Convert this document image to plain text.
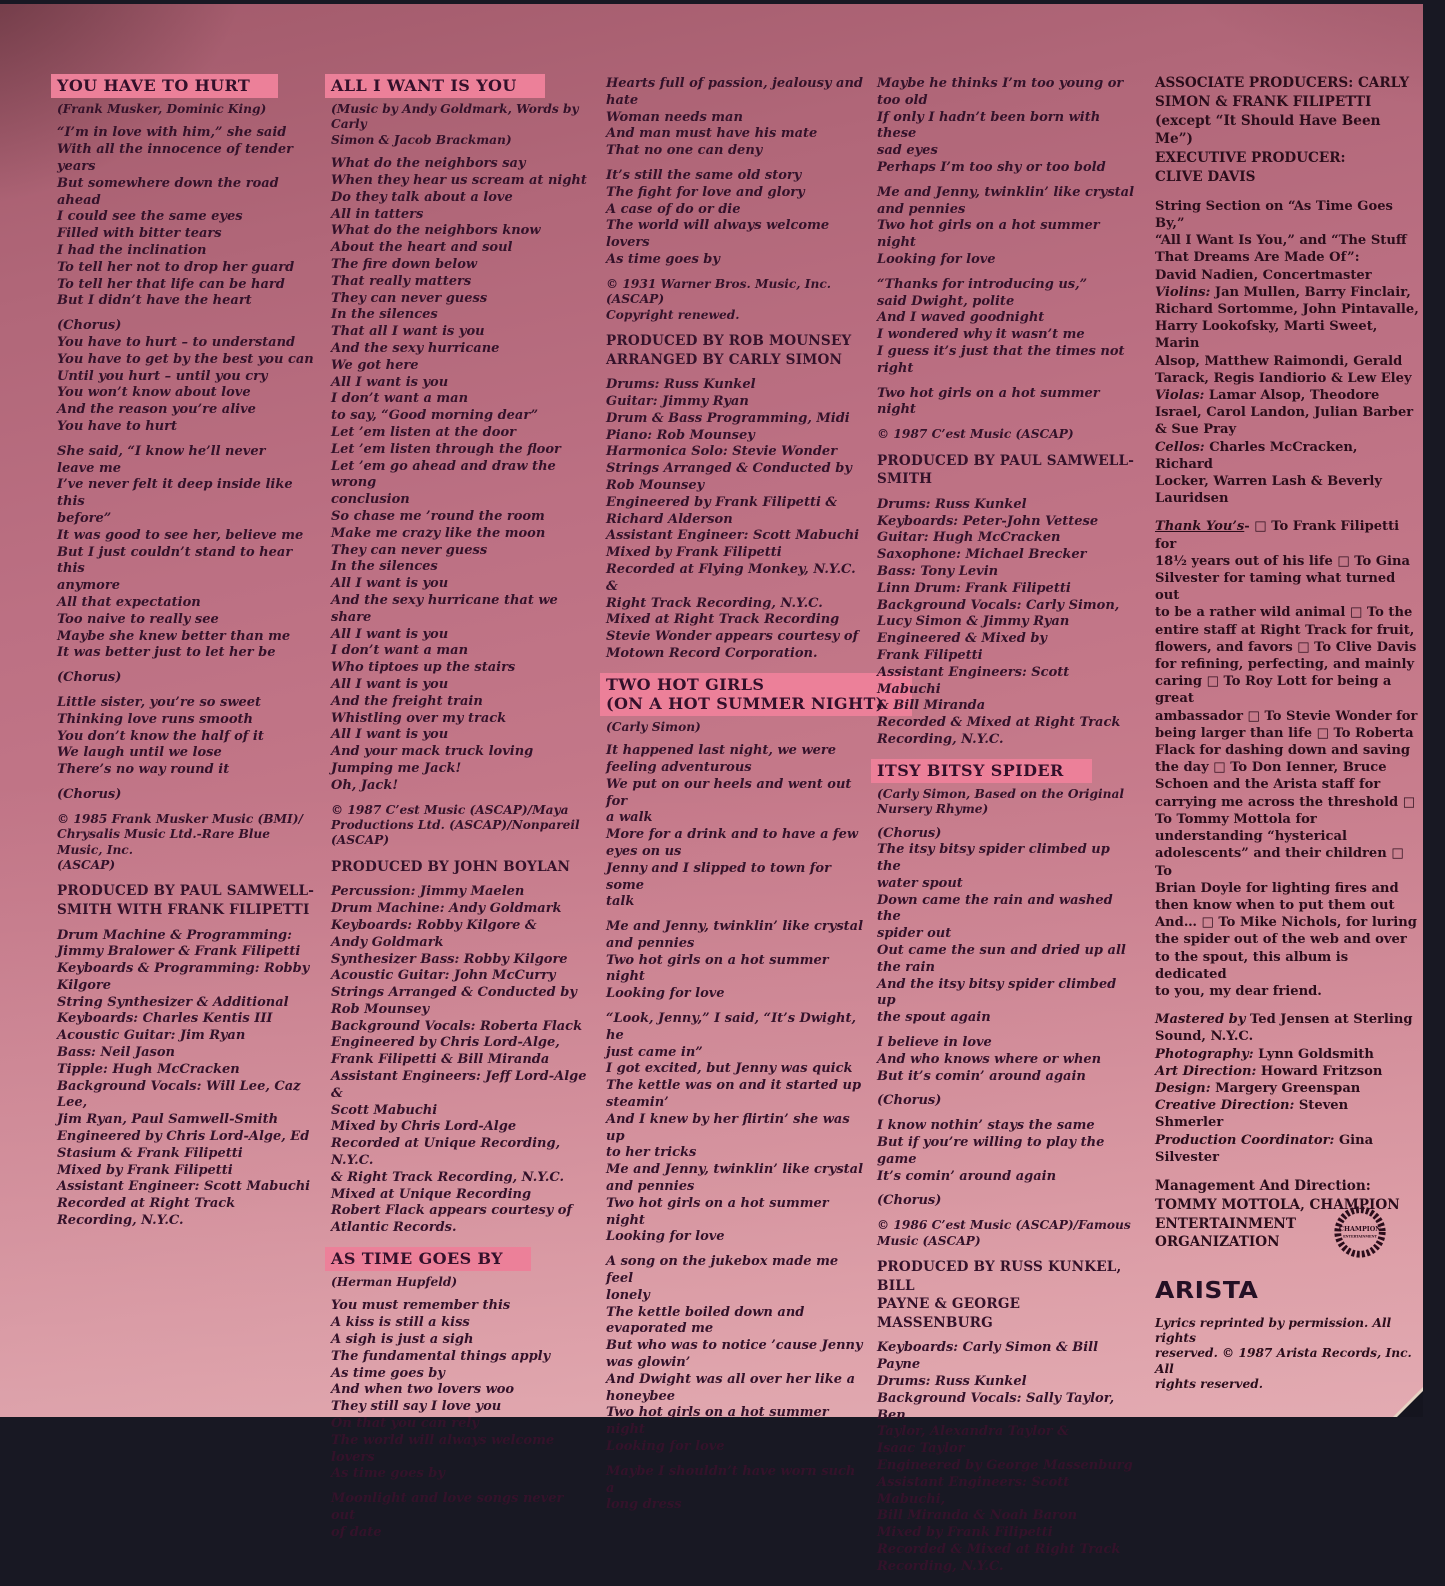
YOU HAVE TO HURT
(Frank Musker, Dominic King)
“I’m in love with him,” she said
With all the innocence of tender
years
But somewhere down the road ahead
I could see the same eyes
Filled with bitter tears
I had the inclination
To tell her not to drop her guard
To tell her that life can be hard
But I didn’t have the heart
(Chorus)
You have to hurt – to understand
You have to get by the best you can
Until you hurt – until you cry
You won’t know about love
And the reason you’re alive
You have to hurt
She said, “I know he’ll never
leave me
I’ve never felt it deep inside like this
before”
It was good to see her, believe me
But I just couldn’t stand to hear this
anymore
All that expectation
Too naive to really see
Maybe she knew better than me
It was better just to let her be
(Chorus)
Little sister, you’re so sweet
Thinking love runs smooth
You don’t know the half of it
We laugh until we lose
There’s no way round it
(Chorus)
© 1985 Frank Musker Music (BMI)/
Chrysalis Music Ltd.-Rare Blue Music, Inc.
(ASCAP)
PRODUCED BY PAUL SAMWELL-
SMITH WITH FRANK FILIPETTI
Drum Machine & Programming:
Jimmy Bralower & Frank Filipetti
Keyboards & Programming: Robby
Kilgore
String Synthesizer & Additional
Keyboards: Charles Kentis III
Acoustic Guitar: Jim Ryan
Bass: Neil Jason
Tipple: Hugh McCracken
Background Vocals: Will Lee, Caz Lee,
Jim Ryan, Paul Samwell-Smith
Engineered by Chris Lord-Alge, Ed
Stasium & Frank Filipetti
Mixed by Frank Filipetti
Assistant Engineer: Scott Mabuchi
Recorded at Right Track
Recording, N.Y.C.
ALL I WANT IS YOU
(Music by Andy Goldmark, Words by Carly
Simon & Jacob Brackman)
What do the neighbors say
When they hear us scream at night
Do they talk about a love
All in tatters
What do the neighbors know
About the heart and soul
The fire down below
That really matters
They can never guess
In the silences
That all I want is you
And the sexy hurricane
We got here
All I want is you
I don’t want a man
to say, “Good morning dear”
Let ’em listen at the door
Let ’em listen through the floor
Let ’em go ahead and draw the wrong
conclusion
So chase me ’round the room
Make me crazy like the moon
They can never guess
In the silences
All I want is you
And the sexy hurricane that we share
All I want is you
I don’t want a man
Who tiptoes up the stairs
All I want is you
And the freight train
Whistling over my track
All I want is you
And your mack truck loving
Jumping me Jack!
Oh, Jack!
© 1987 C’est Music (ASCAP)/Maya
Productions Ltd. (ASCAP)/Nonpareil
(ASCAP)
PRODUCED BY JOHN BOYLAN
Percussion: Jimmy Maelen
Drum Machine: Andy Goldmark
Keyboards: Robby Kilgore &
Andy Goldmark
Synthesizer Bass: Robby Kilgore
Acoustic Guitar: John McCurry
Strings Arranged & Conducted by
Rob Mounsey
Background Vocals: Roberta Flack
Engineered by Chris Lord-Alge,
Frank Filipetti & Bill Miranda
Assistant Engineers: Jeff Lord-Alge &
Scott Mabuchi
Mixed by Chris Lord-Alge
Recorded at Unique Recording, N.Y.C.
& Right Track Recording, N.Y.C.
Mixed at Unique Recording
Robert Flack appears courtesy of
Atlantic Records.
AS TIME GOES BY
(Herman Hupfeld)
You must remember this
A kiss is still a kiss
A sigh is just a sigh
The fundamental things apply
As time goes by
And when two lovers woo
They still say I love you
On that you can rely
The world will always welcome
lovers
As time goes by
Moonlight and love songs never out
of date
Hearts full of passion, jealousy and
hate
Woman needs man
And man must have his mate
That no one can deny
It’s still the same old story
The fight for love and glory
A case of do or die
The world will always welcome
lovers
As time goes by
© 1931 Warner Bros. Music, Inc. (ASCAP)
Copyright renewed.
PRODUCED BY ROB MOUNSEY
ARRANGED BY CARLY SIMON
Drums: Russ Kunkel
Guitar: Jimmy Ryan
Drum & Bass Programming, Midi
Piano: Rob Mounsey
Harmonica Solo: Stevie Wonder
Strings Arranged & Conducted by
Rob Mounsey
Engineered by Frank Filipetti &
Richard Alderson
Assistant Engineer: Scott Mabuchi
Mixed by Frank Filipetti
Recorded at Flying Monkey, N.Y.C. &
Right Track Recording, N.Y.C.
Mixed at Right Track Recording
Stevie Wonder appears courtesy of
Motown Record Corporation.
TWO HOT GIRLS
(ON A HOT SUMMER NIGHT)
(Carly Simon)
It happened last night, we were
feeling adventurous
We put on our heels and went out for
a walk
More for a drink and to have a few
eyes on us
Jenny and I slipped to town for some
talk
Me and Jenny, twinklin’ like crystal
and pennies
Two hot girls on a hot summer night
Looking for love
“Look, Jenny,” I said, “It’s Dwight, he
just came in”
I got excited, but Jenny was quick
The kettle was on and it started up
steamin’
And I knew by her flirtin’ she was up
to her tricks
Me and Jenny, twinklin’ like crystal
and pennies
Two hot girls on a hot summer night
Looking for love
A song on the jukebox made me feel
lonely
The kettle boiled down and
evaporated me
But who was to notice ’cause Jenny
was glowin’
And Dwight was all over her like a
honeybee
Two hot girls on a hot summer night
Looking for love
Maybe I shouldn’t have worn such a
long dress
Maybe he thinks I’m too young or
too old
If only I hadn’t been born with these
sad eyes
Perhaps I’m too shy or too bold
Me and Jenny, twinklin’ like crystal
and pennies
Two hot girls on a hot summer night
Looking for love
“Thanks for introducing us,”
said Dwight, polite
And I waved goodnight
I wondered why it wasn’t me
I guess it’s just that the times not
right
Two hot girls on a hot summer night
© 1987 C’est Music (ASCAP)
PRODUCED BY PAUL SAMWELL-
SMITH
Drums: Russ Kunkel
Keyboards: Peter-John Vettese
Guitar: Hugh McCracken
Saxophone: Michael Brecker
Bass: Tony Levin
Linn Drum: Frank Filipetti
Background Vocals: Carly Simon,
Lucy Simon & Jimmy Ryan
Engineered & Mixed by
Frank Filipetti
Assistant Engineers: Scott Mabuchi
& Bill Miranda
Recorded & Mixed at Right Track
Recording, N.Y.C.
ITSY BITSY SPIDER
(Carly Simon, Based on the Original
Nursery Rhyme)
(Chorus)
The itsy bitsy spider climbed up the
water spout
Down came the rain and washed the
spider out
Out came the sun and dried up all
the rain
And the itsy bitsy spider climbed up
the spout again
I believe in love
And who knows where or when
But it’s comin’ around again
(Chorus)
I know nothin’ stays the same
But if you’re willing to play the game
It’s comin’ around again
(Chorus)
© 1986 C’est Music (ASCAP)/Famous
Music (ASCAP)
PRODUCED BY RUSS KUNKEL, BILL
PAYNE & GEORGE MASSENBURG
Keyboards: Carly Simon & Bill
Payne
Drums: Russ Kunkel
Background Vocals: Sally Taylor, Ben
Taylor, Alexandra Taylor &
Isaac Taylor
Engineered by George Massenburg
Assistant Engineers: Scott Mabuchi,
Bill Miranda & Noah Baron
Mixed by Frank Filipetti
Recorded & Mixed at Right Track
Recording, N.Y.C.
ASSOCIATE PRODUCERS: CARLY
SIMON & FRANK FILIPETTI
(except “It Should Have Been Me”)
EXECUTIVE PRODUCER:
CLIVE DAVIS
String Section on “As Time Goes By,”
“All I Want Is You,” and “The Stuff
That Dreams Are Made Of”:
David Nadien, Concertmaster
Violins: Jan Mullen, Barry Finclair,
Richard Sortomme, John Pintavalle,
Harry Lookofsky, Marti Sweet, Marin
Alsop, Matthew Raimondi, Gerald
Tarack, Regis Iandiorio & Lew Eley
Violas: Lamar Alsop, Theodore
Israel, Carol Landon, Julian Barber
& Sue Pray
Cellos: Charles McCracken, Richard
Locker, Warren Lash & Beverly
Lauridsen
Thank You’s- □ To Frank Filipetti for
18½ years out of his life □ To Gina
Silvester for taming what turned out
to be a rather wild animal □ To the
entire staff at Right Track for fruit,
flowers, and favors □ To Clive Davis
for refining, perfecting, and mainly
caring □ To Roy Lott for being a great
ambassador □ To Stevie Wonder for
being larger than life □ To Roberta
Flack for dashing down and saving
the day □ To Don Ienner, Bruce
Schoen and the Arista staff for
carrying me across the threshold □
To Tommy Mottola for
understanding “hysterical
adolescents” and their children □ To
Brian Doyle for lighting fires and
then know when to put them out
And… □ To Mike Nichols, for luring
the spider out of the web and over
to the spout, this album is dedicated
to you, my dear friend.
Mastered by Ted Jensen at Sterling
Sound, N.Y.C.
Photography: Lynn Goldsmith
Art Direction: Howard Fritzson
Design: Margery Greenspan
Creative Direction: Steven Shmerler
Production Coordinator: Gina
Silvester
Management And Direction:
TOMMY MOTTOLA, CHAMPION
ENTERTAINMENT
ORGANIZATION
CHAMPION
ENTERTAINMENT
ARISTA
Lyrics reprinted by permission. All rights
reserved. © 1987 Arista Records, Inc. All
rights reserved.
